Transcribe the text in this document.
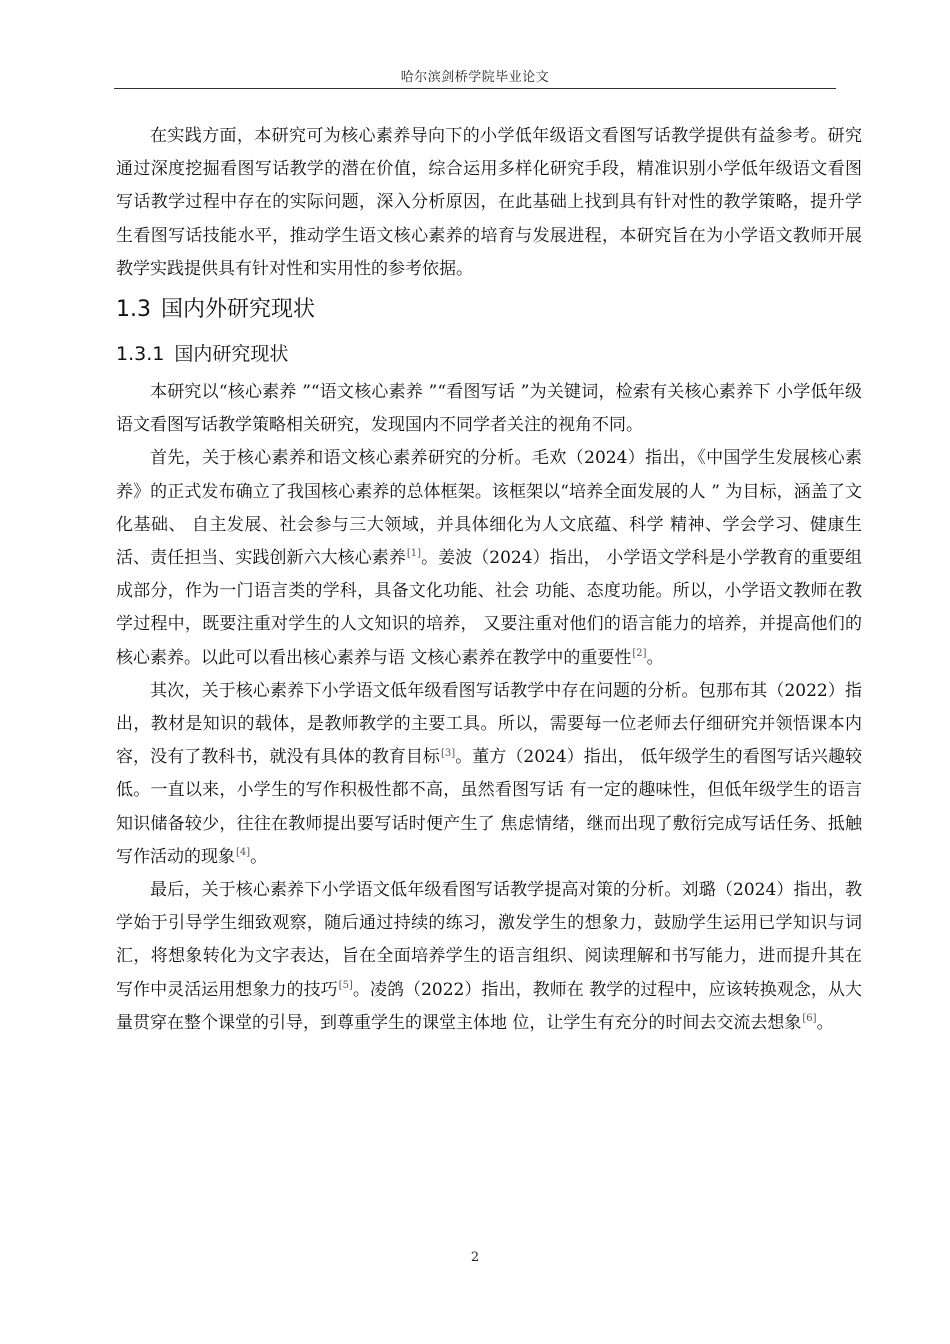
哈尔滨剑桥学院毕业论文

在实践方面，本研究可为核心素养导向下的小学低年级语文看图写话教学提供有益参考。研究通过深度挖掘看图写话教学的潜在价值，综合运用多样化研究手段，精准识别小学低年级语文看图写话教学过程中存在的实际问题，深入分析原因，在此基础上找到具有针对性的教学策略，提升学生看图写话技能水平，推动学生语文核心素养的培育与发展进程，本研究旨在为小学语文教师开展教学实践提供具有针对性和实用性的参考依据。

1.3 国内外研究现状
1.3.1 国内研究现状

本研究以“核心素养 ”“语文核心素养 ”“看图写话 ”为关键词，检索有关核心素养下 小学低年级语文看图写话教学策略相关研究，发现国内不同学者关注的视角不同。

首先，关于核心素养和语文核心素养研究的分析。毛欢（2024）指出，《中国学生发展核心素养》的正式发布确立了我国核心素养的总体框架。该框架以“培养全面发展的人 ” 为目标，涵盖了文化基础、 自主发展、社会参与三大领域，并具体细化为人文底蕴、科学 精神、学会学习、健康生活、责任担当、实践创新六大核心素养[1]。姜波（2024）指出， 小学语文学科是小学教育的重要组成部分，作为一门语言类的学科，具备文化功能、社会 功能、态度功能。所以，小学语文教师在教学过程中，既要注重对学生的人文知识的培养， 又要注重对他们的语言能力的培养，并提高他们的核心素养。以此可以看出核心素养与语 文核心素养在教学中的重要性[2]。

其次，关于核心素养下小学语文低年级看图写话教学中存在问题的分析。包那布其（2022）指出，教材是知识的载体，是教师教学的主要工具。所以，需要每一位老师去仔细研究并领悟课本内容，没有了教科书，就没有具体的教育目标[3]。董方（2024）指出， 低年级学生的看图写话兴趣较低。一直以来，小学生的写作积极性都不高，虽然看图写话 有一定的趣味性，但低年级学生的语言知识储备较少，往往在教师提出要写话时便产生了 焦虑情绪，继而出现了敷衍完成写话任务、抵触写作活动的现象[4]。

最后，关于核心素养下小学语文低年级看图写话教学提高对策的分析。刘璐（2024）指出，教学始于引导学生细致观察，随后通过持续的练习，激发学生的想象力，鼓励学生运用已学知识与词汇，将想象转化为文字表达，旨在全面培养学生的语言组织、阅读理解和书写能力，进而提升其在写作中灵活运用想象力的技巧[5]。凌鸽（2022）指出，教师在 教学的过程中，应该转换观念，从大量贯穿在整个课堂的引导，到尊重学生的课堂主体地 位，让学生有充分的时间去交流去想象[6]。

2
